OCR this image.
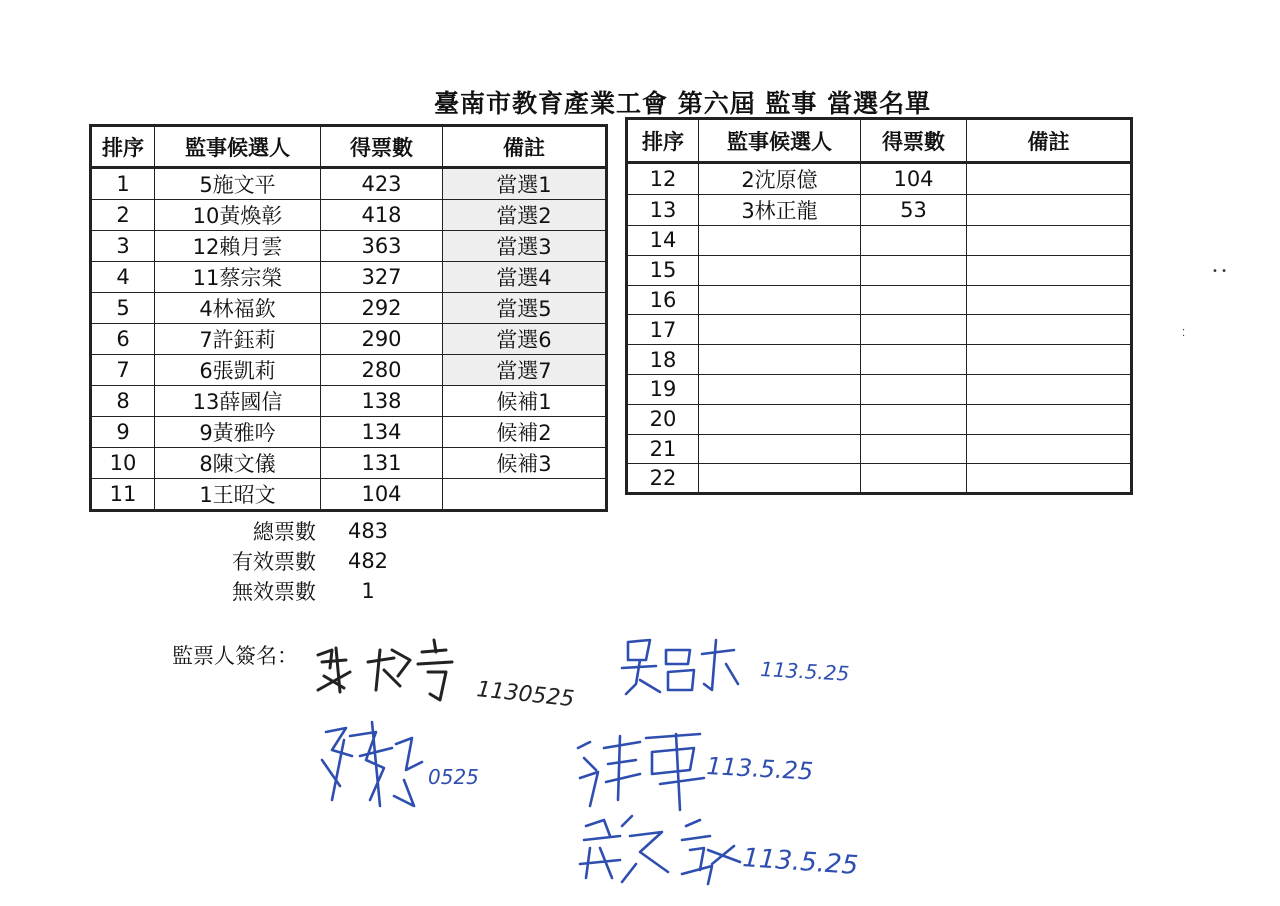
臺南市教育產業工會 第六屆 監事 當選名單
排序	監事候選人	得票數	備註
1	5施文平	423	當選1
2	10黃煥彰	418	當選2
3	12賴月雲	363	當選3
4	11蔡宗榮	327	當選4
5	4林福欽	292	當選5
6	7許鈺莉	290	當選6
7	6張凱莉	280	當選7
8	13薛國信	138	候補1
9	9黃雅吟	134	候補2
10	8陳文儀	131	候補3
11	1王昭文	104	
排序	監事候選人	得票數	備註
12	2沈原億	104	
13	3林正龍	53	
14			
15			
16			
17			
18			
19			
20			
21			
22			
總票數	483
有效票數	482
無效票數	1
監票人簽名：
1130525
113.5.25
0525	113.5.25
113.5.25
• •
⁚
